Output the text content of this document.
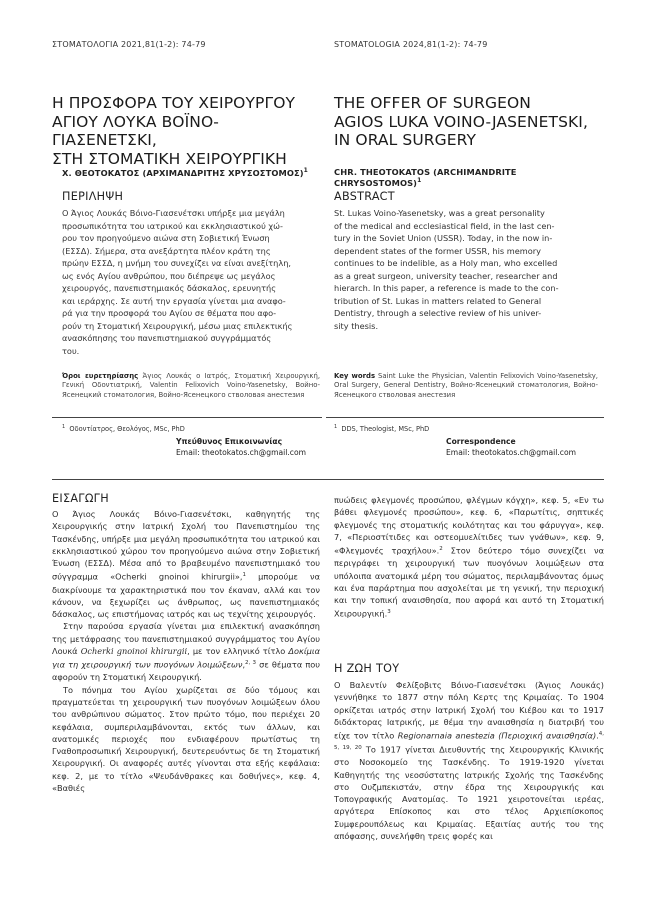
ΣΤΟΜΑΤΟΛΟΓΙΑ 2021,81(1-2): 74-79	STOMATOLOGIA 2024,81(1-2): 74-79
Η ΠΡΟΣΦΟΡΑ ΤΟΥ ΧΕΙΡΟΥΡΓΟΥ
ΑΓΙΟΥ ΛΟΥΚΑ ΒΟΪΝΟ-ΓΙΑΣΕΝΕΤΣΚΙ,
ΣΤΗ ΣΤΟΜΑΤΙΚΗ ΧΕΙΡΟΥΡΓΙΚΗ
Χ. ΘΕΟΤΟΚΑΤΟΣ (ΑΡΧΙΜΑΝΔΡΙΤΗΣ ΧΡΥΣΟΣΤΟΜΟΣ)$^1$
ΠΕΡΙΛΗΨΗ
Ο Άγιος Λουκάς Βόινο-Γιασενέτσκι υπήρξε μια μεγάλη
προσωπικότητα του ιατρικού και εκκλησιαστικού χώ-
ρου τον προηγούμενο αιώνα στη Σοβιετική Ένωση
(ΕΣΣΔ). Σήμερα, στα ανεξάρτητα πλέον κράτη της
πρώην ΕΣΣΔ, η μνήμη του συνεχίζει να είναι ανεξίτηλη,
ως ενός Αγίου ανθρώπου, που διέπρεψε ως μεγάλος
χειρουργός, πανεπιστημιακός δάσκαλος, ερευνητής
και ιεράρχης. Σε αυτή την εργασία γίνεται μια αναφο-
ρά για την προσφορά του Αγίου σε θέματα που αφο-
ρούν τη Στοματική Χειρουργική, μέσω μιας επιλεκτικής
ανασκόπησης του πανεπιστημιακού συγγράμματός
του.
Όροι ευρετηρίασης Άγιος Λουκάς ο Ιατρός, Στοματική Χειρουργική, Γενική Οδοντιατρική, Valentin Felixovich Voino-Yasenetsky, Войно-Ясенецкий стоматология, Войно-Ясенецкого стволовая анестезия
$^1$ Οδοντίατρος, Θεολόγος, MSc, PhD
Υπεύθυνος Επικοινωνίας
Email: theotokatos.ch@gmail.com
THE OFFER OF SURGEON
AGIOS LUKA VOINO-JASENETSKI,
IN ORAL SURGERY
CHR. THEOTOKATOS (ARCHIMANDRITE CHRYSOSTOMOS)$^1$
ABSTRACT
St. Lukas Voino-Yasenetsky, was a great personality
of the medical and ecclesiastical field, in the last cen-
tury in the Soviet Union (USSR). Today, in the now in-
dependent states of the former USSR, his memory
continues to be indelible, as a Holy man, who excelled
as a great surgeon, university teacher, researcher and
hierarch. In this paper, a reference is made to the con-
tribution of St. Lukas in matters related to General
Dentistry, through a selective review of his univer-
sity thesis.
Key words Saint Luke the Physician, Valentin Felixovich Voino-Yasenetsky, Oral Surgery, General Dentistry, Войно-Ясенецкий стоматология, Войно-Ясенецкого стволовая анестезия
$^1$ DDS, Theologist, MSc, PhD
Correspondence
Email: theotokatos.ch@gmail.com
ΕΙΣΑΓΩΓΗ

Ο Άγιος Λουκάς Βόινο-Γιασενέτσκι, καθηγητής της Χειρουργικής στην Ιατρική Σχολή του Πανεπιστημίου της Τασκένδης, υπήρξε μια μεγάλη προσωπικότητα του ιατρικού και εκκλησιαστικού χώρου τον προηγούμενο αιώνα στην Σοβιετική Ένωση (ΕΣΣΔ). Μέσα από το βραβευμένο πανεπιστημιακό του σύγγραμμα «Ocherki gnoinoi khirurgii»,$^1$ μπορούμε να διακρίνουμε τα χαρακτηριστικά που τον έκαναν, αλλά και τον κάνουν, να ξεχωρίζει ως άνθρωπος, ως πανεπιστημιακός δάσκαλος, ως επιστήμονας ιατρός και ως τεχνίτης χειρουργός.

Στην παρούσα εργασία γίνεται μια επιλεκτική ανασκόπηση της μετάφρασης του πανεπιστημιακού συγγράμματος του Αγίου Λουκά Ocherki gnoinoi khirurgii, με τον ελληνικό τίτλο Δοκίμια για τη χειρουργική των πυογόνων λοιμώξεων,$^{2, 3}$ σε θέματα που αφορούν τη Στοματική Χειρουργική.

Το πόνημα του Αγίου χωρίζεται σε δύο τόμους και πραγματεύεται τη χειρουργική των πυογόνων λοιμώξεων όλου του ανθρώπινου σώματος. Στον πρώτο τόμο, που περιέχει 20 κεφάλαια, συμπεριλαμβάνονται, εκτός των άλλων, και ανατομικές περιοχές που ενδιαφέρουν πρωτίστως τη Γναθοπροσωπική Χειρουργική, δευτερευόντως δε τη Στοματική Χειρουργική. Οι αναφορές αυτές γίνονται στα εξής κεφάλαια: κεφ. 2, με το τίτλο «Ψευδάνθρακες και δοθιήνες», κεφ. 4, «Βαθιές

πυώδεις φλεγμονές προσώπου, φλέγμων κόγχη», κεφ. 5, «Εν τω βάθει φλεγμονές προσώπου», κεφ. 6, «Παρωτίτις, σηπτικές φλεγμονές της στοματικής κοιλότητας και του φάρυγγα», κεφ. 7, «Περιοστίτιδες και οστεομυελίτιδες των γνάθων», κεφ. 9, «Φλεγμονές τραχήλου».$^2$ Στον δεύτερο τόμο συνεχίζει να περιγράφει τη χειρουργική των πυογόνων λοιμώξεων στα υπόλοιπα ανατομικά μέρη του σώματος, περιλαμβάνοντας όμως και ένα παράρτημα που ασχολείται με τη γενική, την περιοχική και την τοπική αναισθησία, που αφορά και αυτό τη Στοματική Χειρουργική.$^3$

Η ΖΩΗ ΤΟΥ

Ο Βαλεντίν Φελίξοβιτς Βόινο-Γιασενέτσκι (Άγιος Λουκάς) γεννήθηκε το 1877 στην πόλη Κερτς της Κριμαίας. Το 1904 ορκίζεται ιατρός στην Ιατρική Σχολή του Κιέβου και το 1917 διδάκτορας Ιατρικής, με θέμα την αναισθησία η διατριβή του είχε τον τίτλο Regionarnaia anestezia (Περιοχική αναισθησία).$^{4, 5, 19, 20}$ Το 1917 γίνεται Διευθυντής της Χειρουργικής Κλινικής στο Νοσοκομείο της Τασκένδης. Το 1919-1920 γίνεται Καθηγητής της νεοσύστατης Ιατρικής Σχολής της Τασκένδης στο Ουζμπεκιστάν, στην έδρα της Χειρουργικής και Τοπογραφικής Ανατομίας. Το 1921 χειροτονείται ιερέας, αργότερα Επίσκοπος και στο τέλος Αρχιεπίσκοπος Συμφερουπόλεως και Κριμαίας. Εξαιτίας αυτής του της απόφασης, συνελήφθη τρεις φορές και
